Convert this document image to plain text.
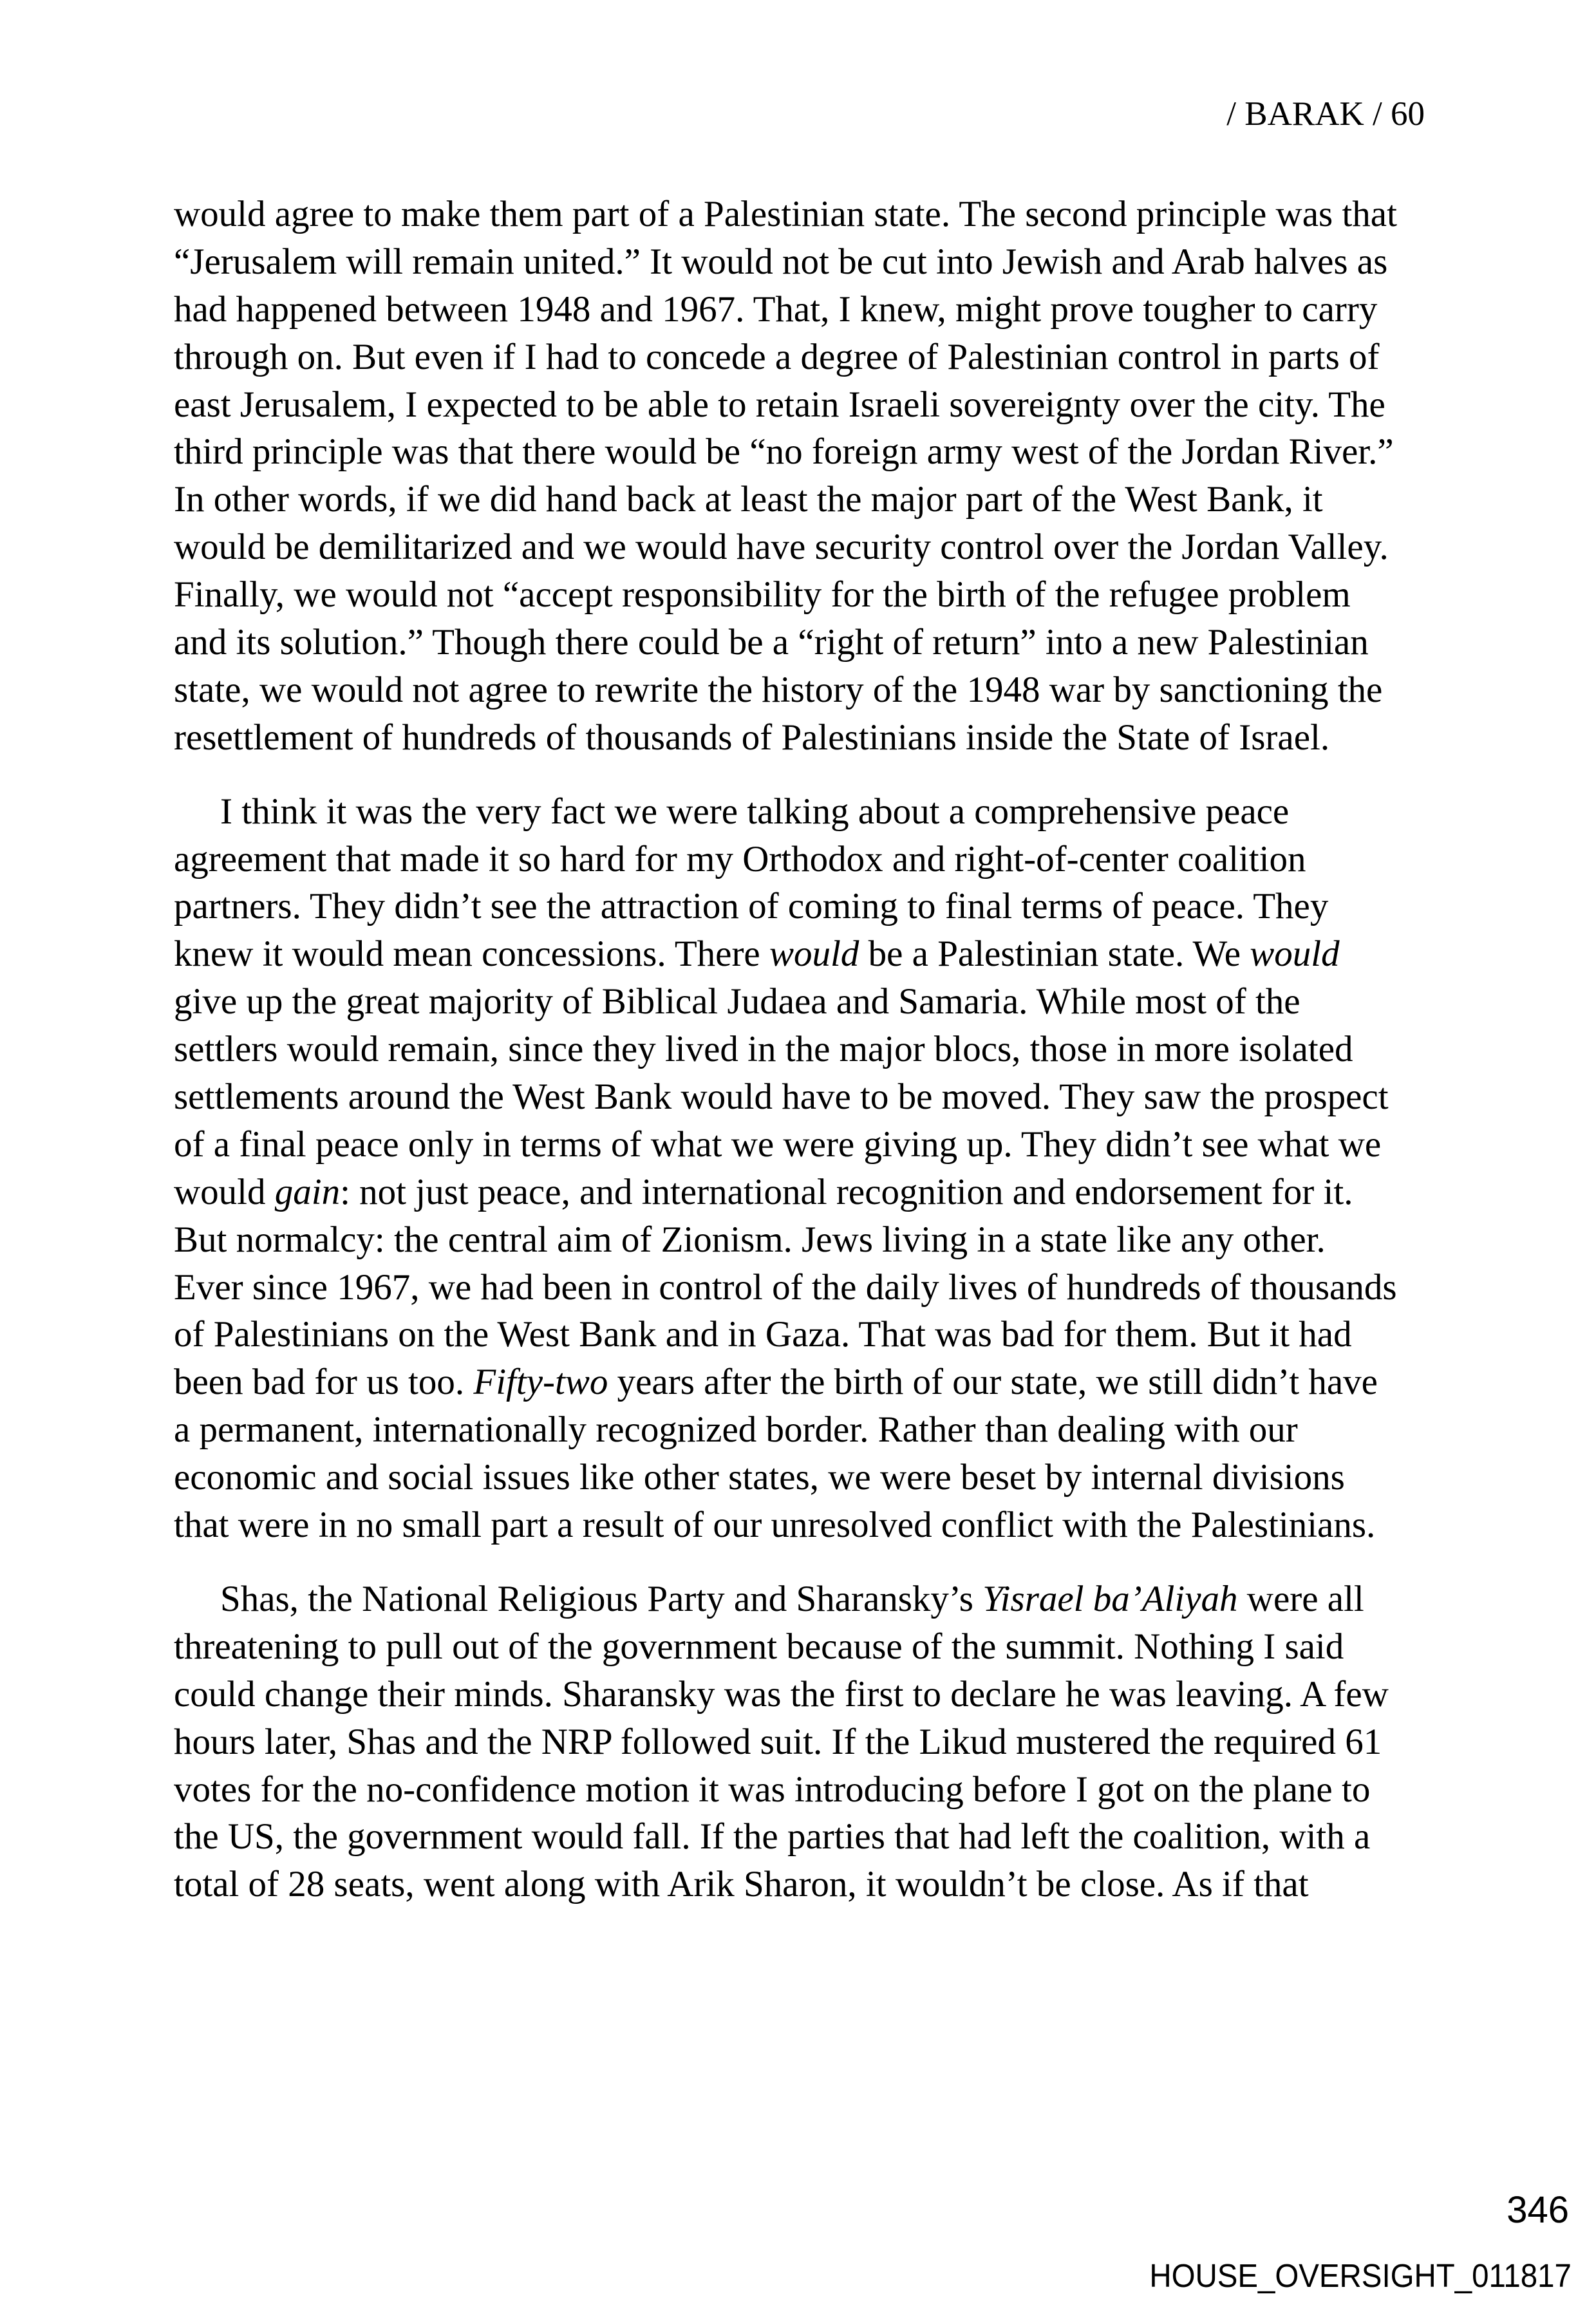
/ BARAK / 60
would agree to make them part of a Palestinian state. The second principle was that
“Jerusalem will remain united.” It would not be cut into Jewish and Arab halves as
had happened between 1948 and 1967. That, I knew, might prove tougher to carry
through on. But even if I had to concede a degree of Palestinian control in parts of
east Jerusalem, I expected to be able to retain Israeli sovereignty over the city. The
third principle was that there would be “no foreign army west of the Jordan River.”
In other words, if we did hand back at least the major part of the West Bank, it
would be demilitarized and we would have security control over the Jordan Valley.
Finally, we would not “accept responsibility for the birth of the refugee problem
and its solution.” Though there could be a “right of return” into a new Palestinian
state, we would not agree to rewrite the history of the 1948 war by sanctioning the
resettlement of hundreds of thousands of Palestinians inside the State of Israel.
I think it was the very fact we were talking about a comprehensive peace
agreement that made it so hard for my Orthodox and right-of-center coalition
partners. They didn’t see the attraction of coming to final terms of peace. They
knew it would mean concessions. There would be a Palestinian state. We would
give up the great majority of Biblical Judaea and Samaria. While most of the
settlers would remain, since they lived in the major blocs, those in more isolated
settlements around the West Bank would have to be moved. They saw the prospect
of a final peace only in terms of what we were giving up. They didn’t see what we
would gain: not just peace, and international recognition and endorsement for it.
But normalcy: the central aim of Zionism. Jews living in a state like any other.
Ever since 1967, we had been in control of the daily lives of hundreds of thousands
of Palestinians on the West Bank and in Gaza. That was bad for them. But it had
been bad for us too. Fifty-two years after the birth of our state, we still didn’t have
a permanent, internationally recognized border. Rather than dealing with our
economic and social issues like other states, we were beset by internal divisions
that were in no small part a result of our unresolved conflict with the Palestinians.
Shas, the National Religious Party and Sharansky’s Yisrael ba’Aliyah were all
threatening to pull out of the government because of the summit. Nothing I said
could change their minds. Sharansky was the first to declare he was leaving. A few
hours later, Shas and the NRP followed suit. If the Likud mustered the required 61
votes for the no-confidence motion it was introducing before I got on the plane to
the US, the government would fall. If the parties that had left the coalition, with a
total of 28 seats, went along with Arik Sharon, it wouldn’t be close. As if that
346
HOUSE_OVERSIGHT_011817
